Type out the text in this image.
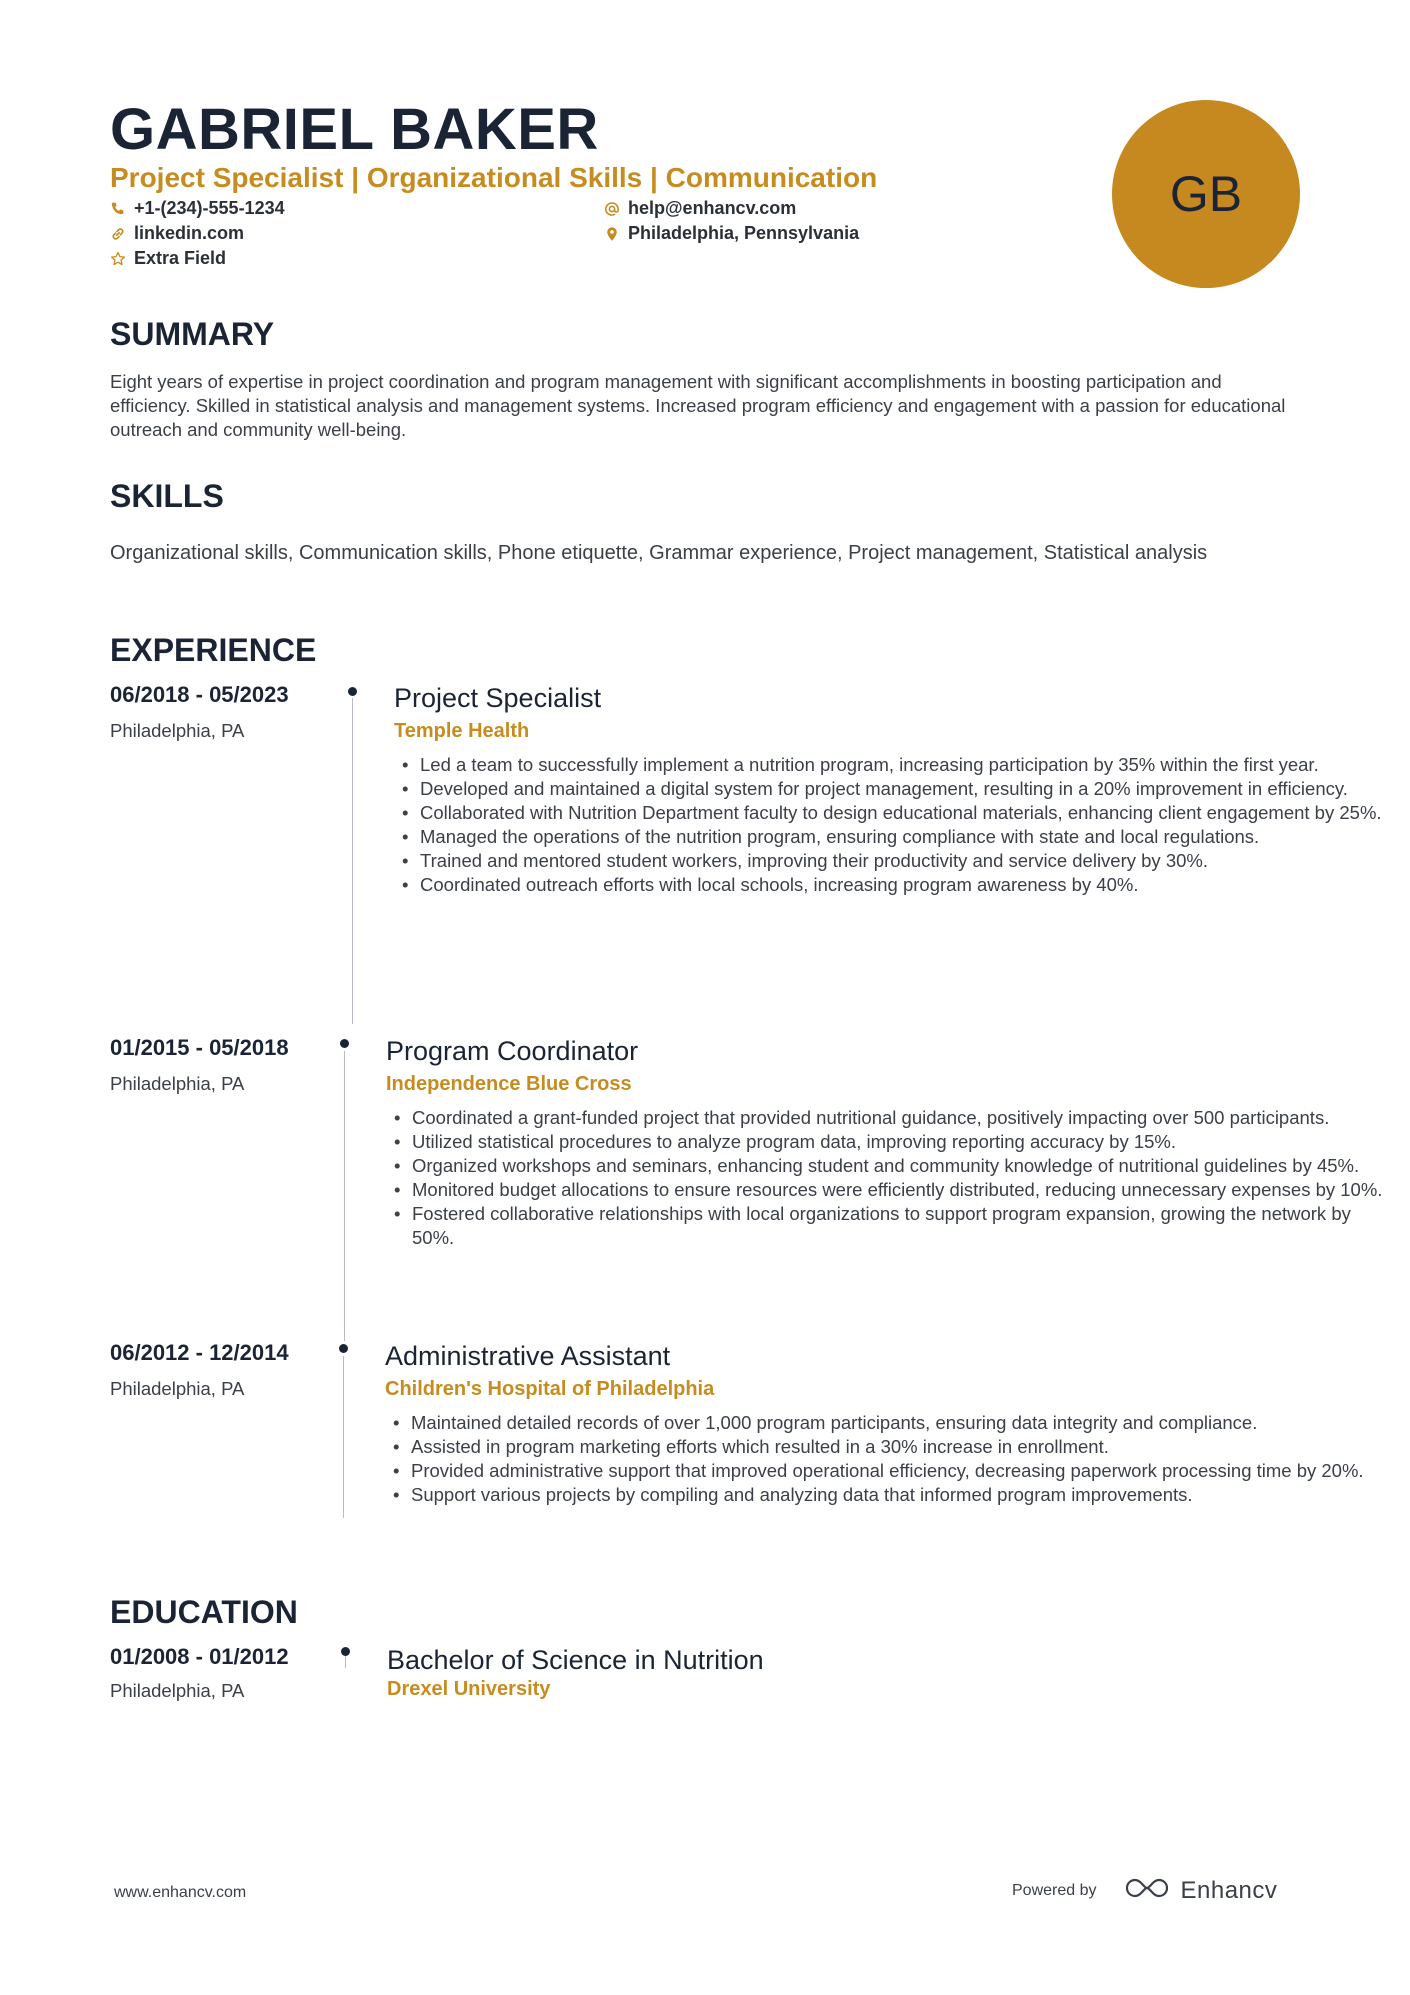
GABRIEL BAKER
Project Specialist | Organizational Skills | Communication
+1-(234)-555-1234	help@enhancv.com
linkedin.com	Philadelphia, Pennsylvania
Extra Field
GB
SUMMARY
Eight years of expertise in project coordination and program management with significant accomplishments in boosting participation and efficiency. Skilled in statistical analysis and management systems. Increased program efficiency and engagement with a passion for educational outreach and community well-being.
SKILLS
Organizational skills, Communication skills, Phone etiquette, Grammar experience, Project management, Statistical analysis
EXPERIENCE
06/2018 - 05/2023
Philadelphia, PA
Project Specialist
Temple Health
• Led a team to successfully implement a nutrition program, increasing participation by 35% within the first year.
• Developed and maintained a digital system for project management, resulting in a 20% improvement in efficiency.
• Collaborated with Nutrition Department faculty to design educational materials, enhancing client engagement by 25%.
• Managed the operations of the nutrition program, ensuring compliance with state and local regulations.
• Trained and mentored student workers, improving their productivity and service delivery by 30%.
• Coordinated outreach efforts with local schools, increasing program awareness by 40%.
01/2015 - 05/2018
Philadelphia, PA
Program Coordinator
Independence Blue Cross
• Coordinated a grant-funded project that provided nutritional guidance, positively impacting over 500 participants.
• Utilized statistical procedures to analyze program data, improving reporting accuracy by 15%.
• Organized workshops and seminars, enhancing student and community knowledge of nutritional guidelines by 45%.
• Monitored budget allocations to ensure resources were efficiently distributed, reducing unnecessary expenses by 10%.
• Fostered collaborative relationships with local organizations to support program expansion, growing the network by 50%.
06/2012 - 12/2014
Philadelphia, PA
Administrative Assistant
Children's Hospital of Philadelphia
• Maintained detailed records of over 1,000 program participants, ensuring data integrity and compliance.
• Assisted in program marketing efforts which resulted in a 30% increase in enrollment.
• Provided administrative support that improved operational efficiency, decreasing paperwork processing time by 20%.
• Support various projects by compiling and analyzing data that informed program improvements.
EDUCATION
01/2008 - 01/2012
Philadelphia, PA
Bachelor of Science in Nutrition
Drexel University
www.enhancv.com	Powered by	Enhancv
